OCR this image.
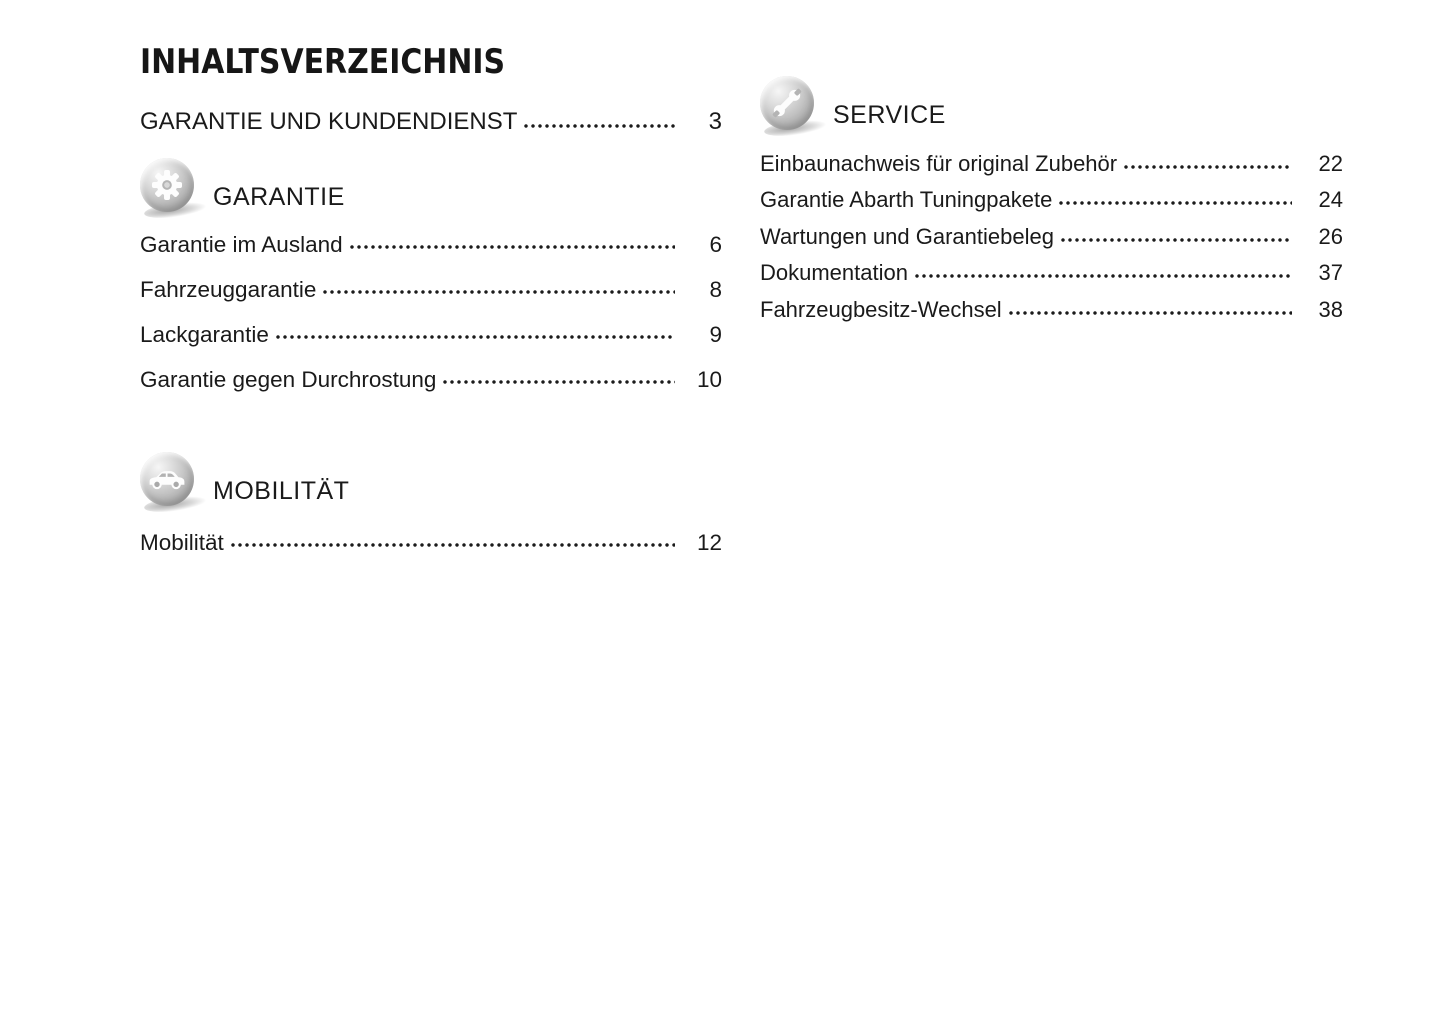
INHALTSVERZEICHNIS
GARANTIE UND KUNDENDIENST	3
GARANTIE
Garantie im Ausland	6
Fahrzeuggarantie	8
Lackgarantie	9
Garantie gegen Durchrostung	10
MOBILITÄT
Mobilität	12
SERVICE
Einbaunachweis für original Zubehör	22
Garantie Abarth Tuningpakete	24
Wartungen und Garantiebeleg	26
Dokumentation	37
Fahrzeugbesitz-Wechsel	38
